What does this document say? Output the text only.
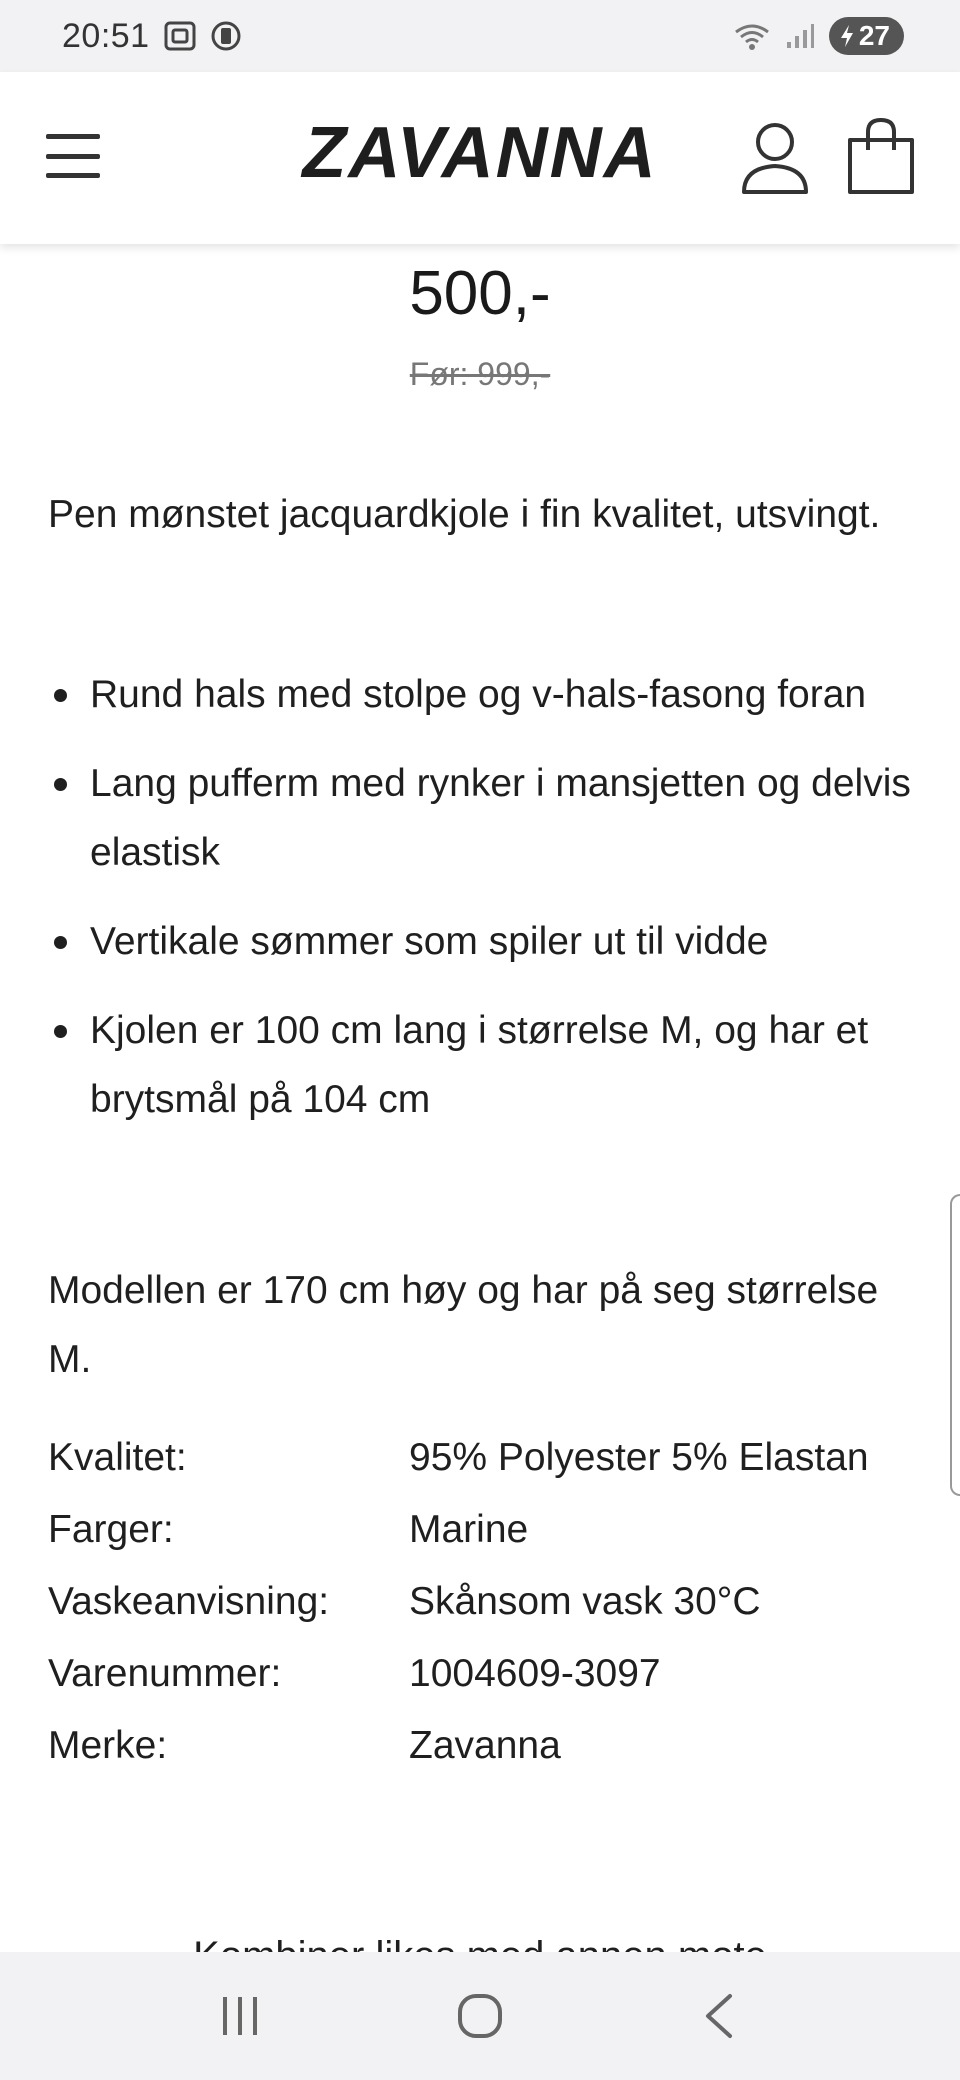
20:51	27
ZAVANNA
500,-
Før: 999,-

Pen mønstet jacquardkjole i fin kvalitet, utsvingt.

Rund hals med stolpe og v-hals-fasong foran
Lang pufferm med rynker i mansjetten og delvis elastisk
Vertikale sømmer som spiler ut til vidde
Kjolen er 100 cm lang i størrelse M, og har et brytsmål på 104 cm

Modellen er 170 cm høy og har på seg størrelse M.

Kvalitet:	95% Polyester 5% Elastan
Farger:	Marine
Vaskeanvisning:	Skånsom vask 30°C
Varenummer:	1004609-3097
Merke:	Zavanna
